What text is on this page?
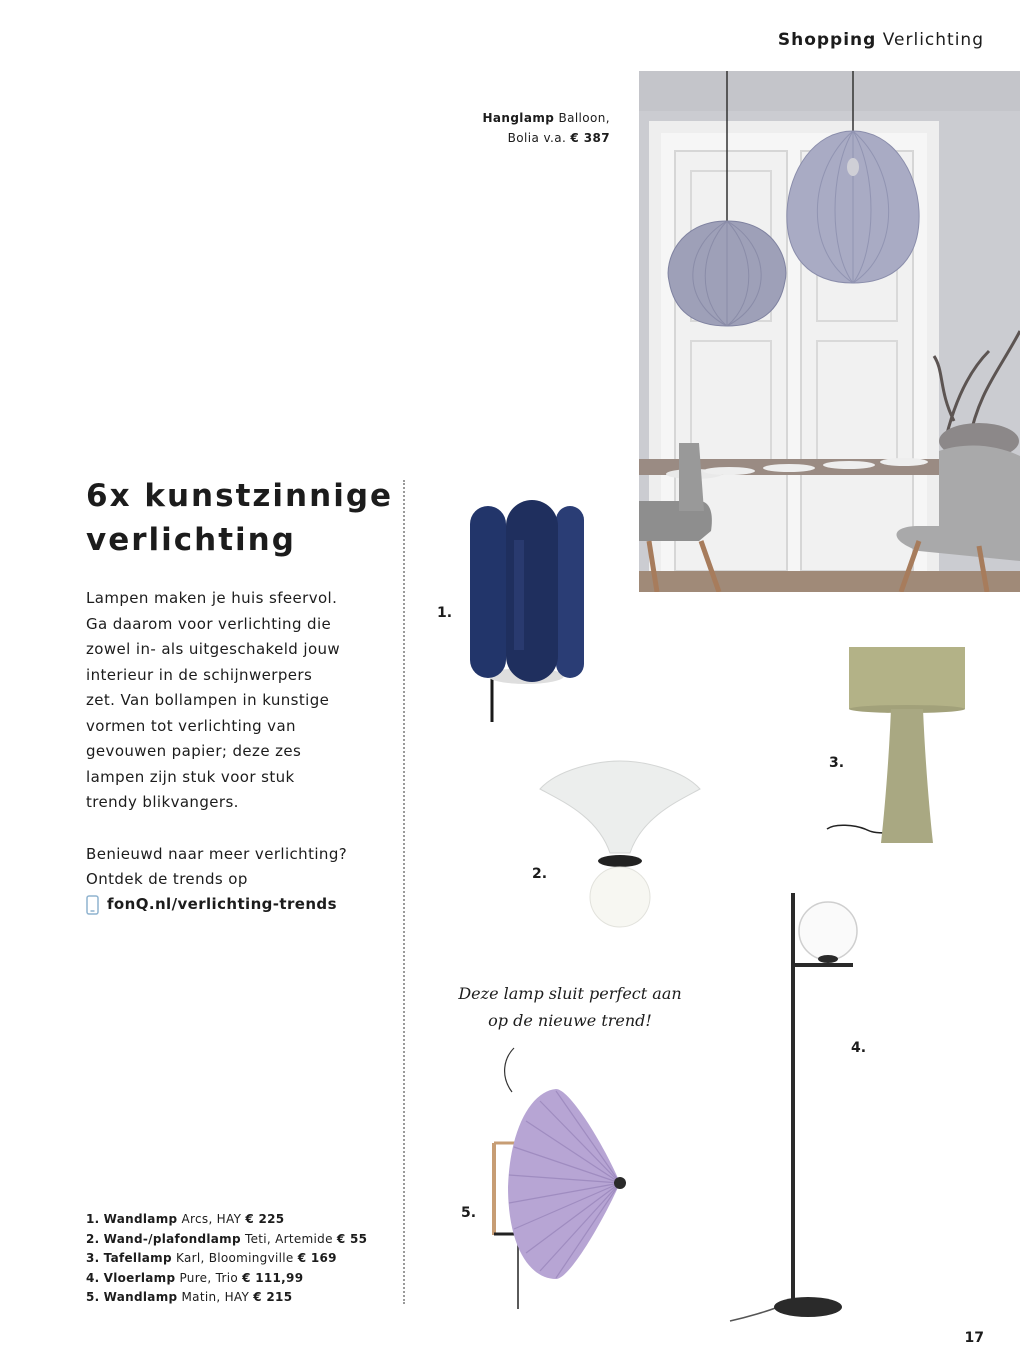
Shopping Verlichting
Hanglamp Balloon,
Bolia v.a. € 387
6x kunstzinnige
verlichting
Lampen maken je huis sfeervol.
Ga daarom voor verlichting die
zowel in- als uitgeschakeld jouw
interieur in de schijnwerpers
zet. Van bollampen in kunstige
vormen tot verlichting van
gevouwen papier; deze zes
lampen zijn stuk voor stuk
trendy blikvangers.
Benieuwd naar meer verlichting?
Ontdek de trends op
fonQ.nl/verlichting-trends
1.
2.
3.
4.
Deze lamp sluit perfect aan
op de nieuwe trend!
5.
1. Wandlamp Arcs, HAY € 225
2. Wand-/plafondlamp Teti, Artemide € 55
3. Tafellamp Karl, Bloomingville € 169
4. Vloerlamp Pure, Trio € 111,99
5. Wandlamp Matin, HAY € 215
17
